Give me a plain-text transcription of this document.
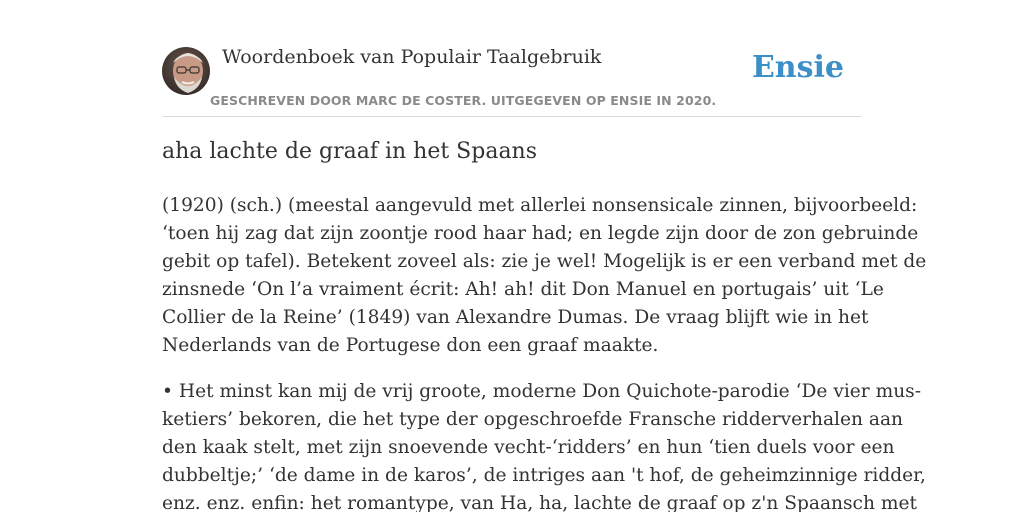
Woordenboek van Populair Taalgebruik
GESCHREVEN DOOR MARC DE COSTER. UITGEGEVEN OP ENSIE IN 2020.
Ensie
aha lachte de graaf in het Spaans

(1920) (sch.) (meestal aangevuld met allerlei nonsensicale zinnen, bijvoorbeeld:
‘toen hij zag dat zijn zoontje rood haar had; en legde zijn door de zon gebruinde
gebit op tafel). Betekent zoveel als: zie je wel! Mogelijk is er een verband met de
zinsnede ‘On l’a vraiment écrit: Ah! ah! dit Don Manuel en portugais’ uit ‘Le
Collier de la Reine’ (1849) van Alexandre Dumas. De vraag blijft wie in het
Nederlands van de Portugese don een graaf maakte.

• Het minst kan mij de vrij groote, moderne Don Quichote-parodie ‘De vier mus-
ketiers’ bekoren, die het type der opgeschroefde Fransche ridderverhalen aan
den kaak stelt, met zijn snoevende vecht-‘ridders’ en hun ‘tien duels voor een
dubbeltje;’ ‘de dame in de karos’, de intriges aan 't hof, de geheimzinnige ridder,
enz. enz. enfin: het romantype, van Ha, ha, lachte de graaf op z'n Spaansch met
